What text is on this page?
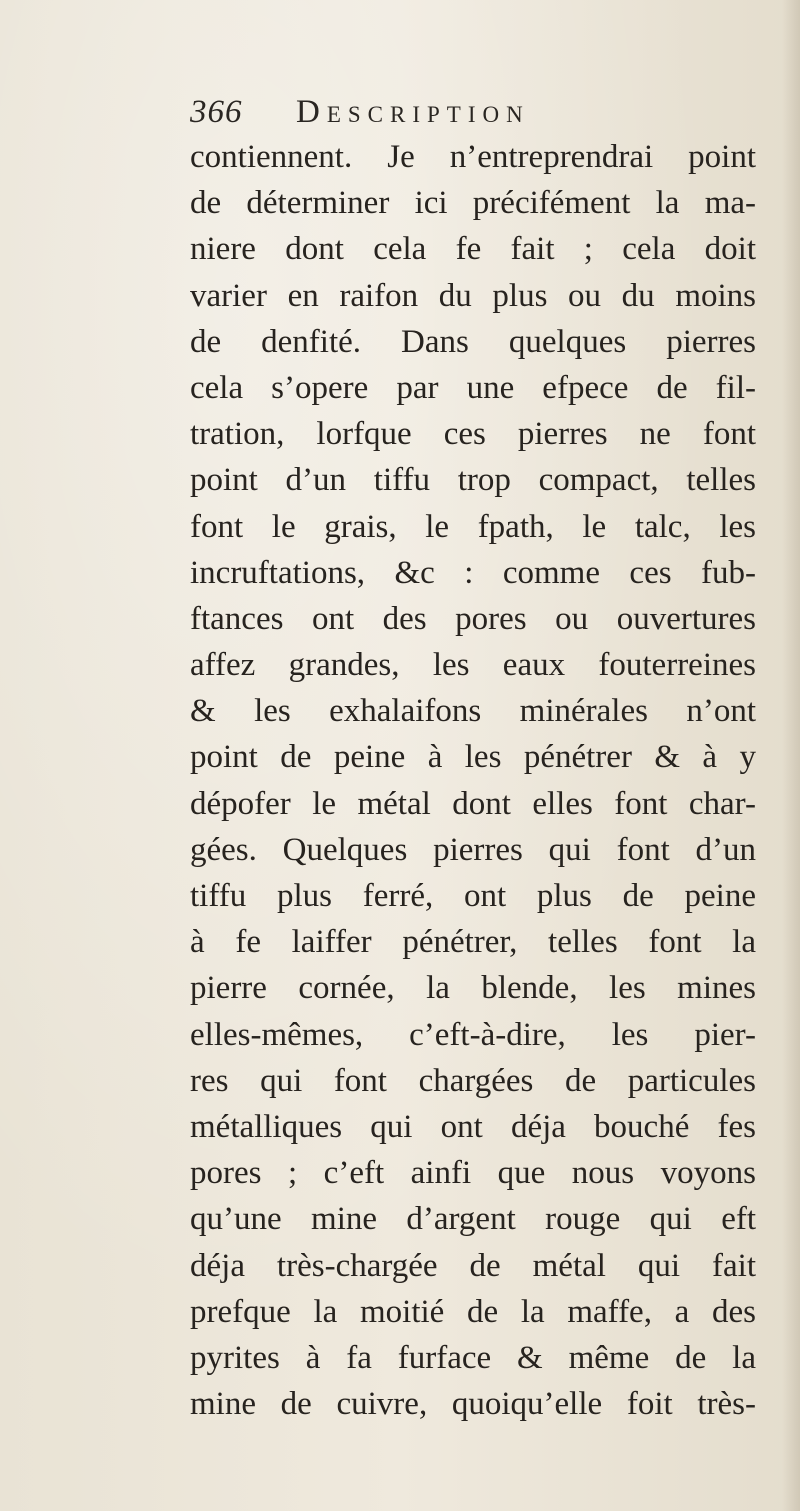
366 Description
contiennent. Je n’entreprendrai point
de déterminer ici précifément la ma-
niere dont cela fe fait ; cela doit
varier en raifon du plus ou du moins
de denfité. Dans quelques pierres
cela s’opere par une efpece de fil-
tration, lorfque ces pierres ne font
point d’un tiffu trop compact, telles
font le grais, le fpath, le talc, les
incruftations, &c : comme ces fub-
ftances ont des pores ou ouvertures
affez grandes, les eaux fouterreines
& les exhalaifons minérales n’ont
point de peine à les pénétrer & à y
dépofer le métal dont elles font char-
gées. Quelques pierres qui font d’un
tiffu plus ferré, ont plus de peine
à fe laiffer pénétrer, telles font la
pierre cornée, la blende, les mines
elles-mêmes, c’eft-à-dire, les pier-
res qui font chargées de particules
métalliques qui ont déja bouché fes
pores ; c’eft ainfi que nous voyons
qu’une mine d’argent rouge qui eft
déja très-chargée de métal qui fait
prefque la moitié de la maffe, a des
pyrites à fa furface & même de la
mine de cuivre, quoiqu’elle foit très-
